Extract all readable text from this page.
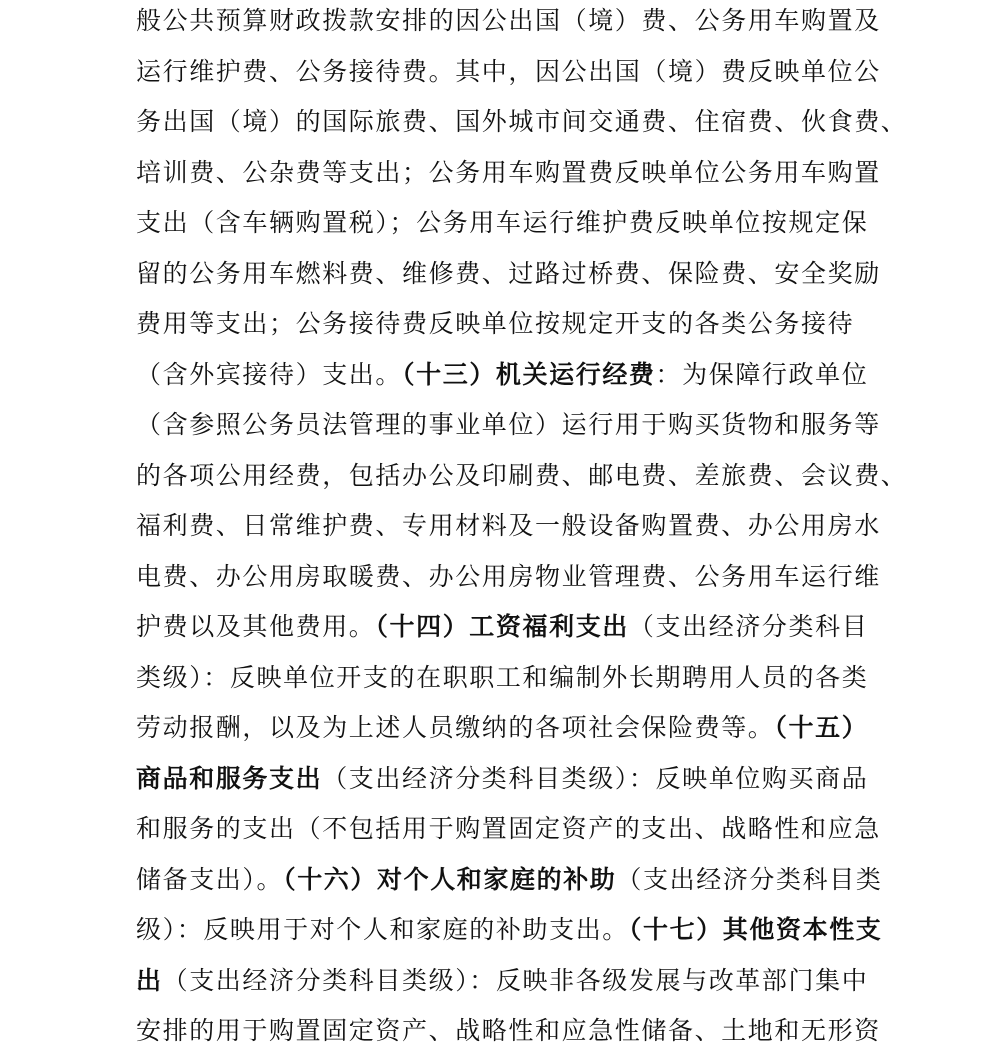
般公共预算财政拨款安排的因公出国（境）费、公务用车购置及
运行维护费、公务接待费。其中，因公出国（境）费反映单位公
务出国（境）的国际旅费、国外城市间交通费、住宿费、伙食费、
培训费、公杂费等支出；公务用车购置费反映单位公务用车购置
支出（含车辆购置税）；公务用车运行维护费反映单位按规定保
留的公务用车燃料费、维修费、过路过桥费、保险费、安全奖励
费用等支出；公务接待费反映单位按规定开支的各类公务接待
（含外宾接待）支出。（十三）机关运行经费：为保障行政单位
（含参照公务员法管理的事业单位）运行用于购买货物和服务等
的各项公用经费，包括办公及印刷费、邮电费、差旅费、会议费、
福利费、日常维护费、专用材料及一般设备购置费、办公用房水
电费、办公用房取暖费、办公用房物业管理费、公务用车运行维
护费以及其他费用。（十四）工资福利支出（支出经济分类科目
类级）：反映单位开支的在职职工和编制外长期聘用人员的各类
劳动报酬，以及为上述人员缴纳的各项社会保险费等。（十五）
商品和服务支出（支出经济分类科目类级）：反映单位购买商品
和服务的支出（不包括用于购置固定资产的支出、战略性和应急
储备支出）。（十六）对个人和家庭的补助（支出经济分类科目类
级）：反映用于对个人和家庭的补助支出。（十七）其他资本性支
出（支出经济分类科目类级）：反映非各级发展与改革部门集中
安排的用于购置固定资产、战略性和应急性储备、土地和无形资
